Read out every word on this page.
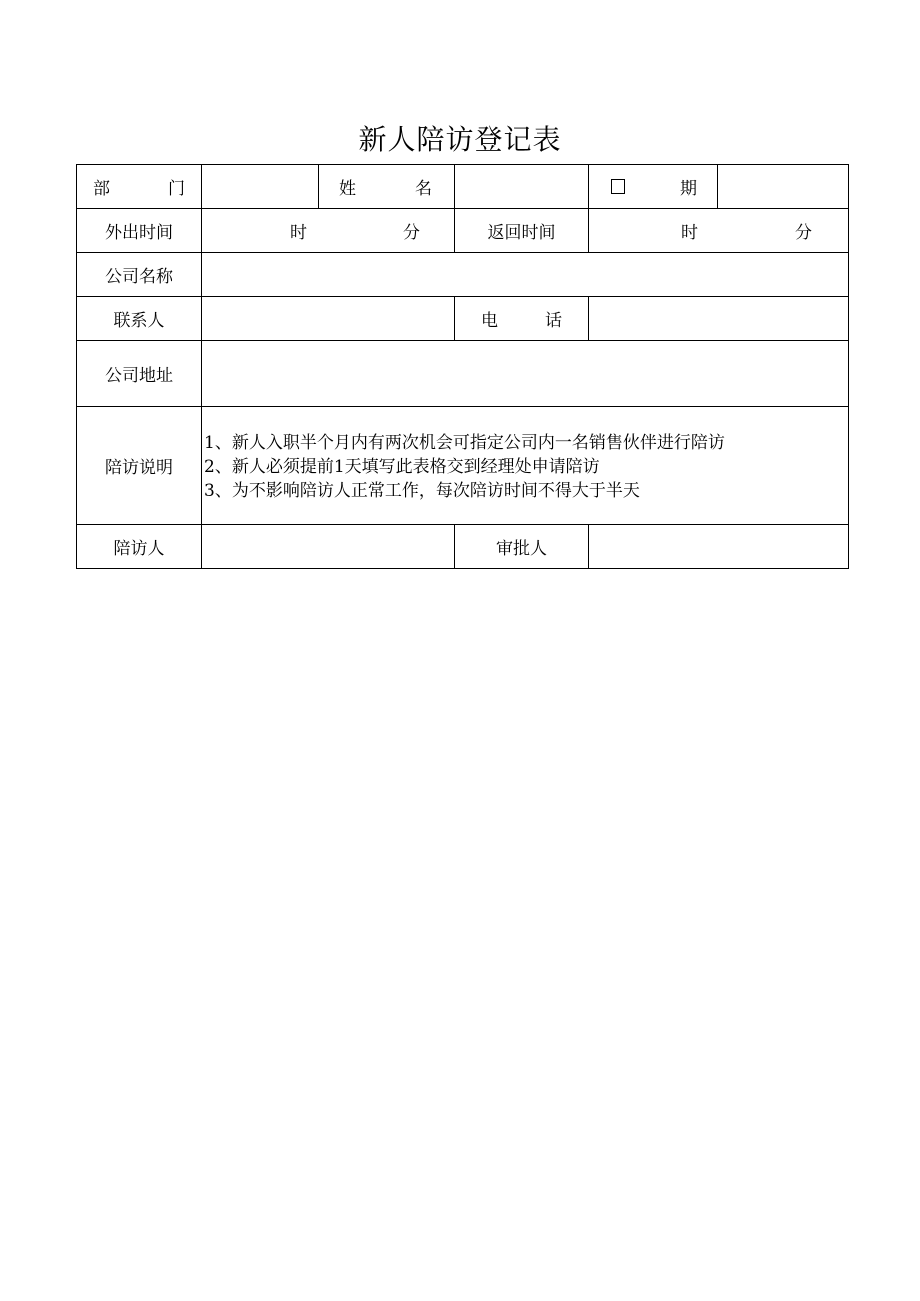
新人陪访登记表
部 门		姓 名		期	

外出时间	时 分		返回时间	时 分	

公司名称					
联系人			电 话		

公司地址					
陪访说明	1、新人入职半个月内有两次机会可指定公司内一名销售伙伴进行陪访
2、新人必须提前1天填写此表格交到经理处申请陪访
3、为不影响陪访人正常工作，每次陪访时间不得大于半天				

陪访人			审批人		
